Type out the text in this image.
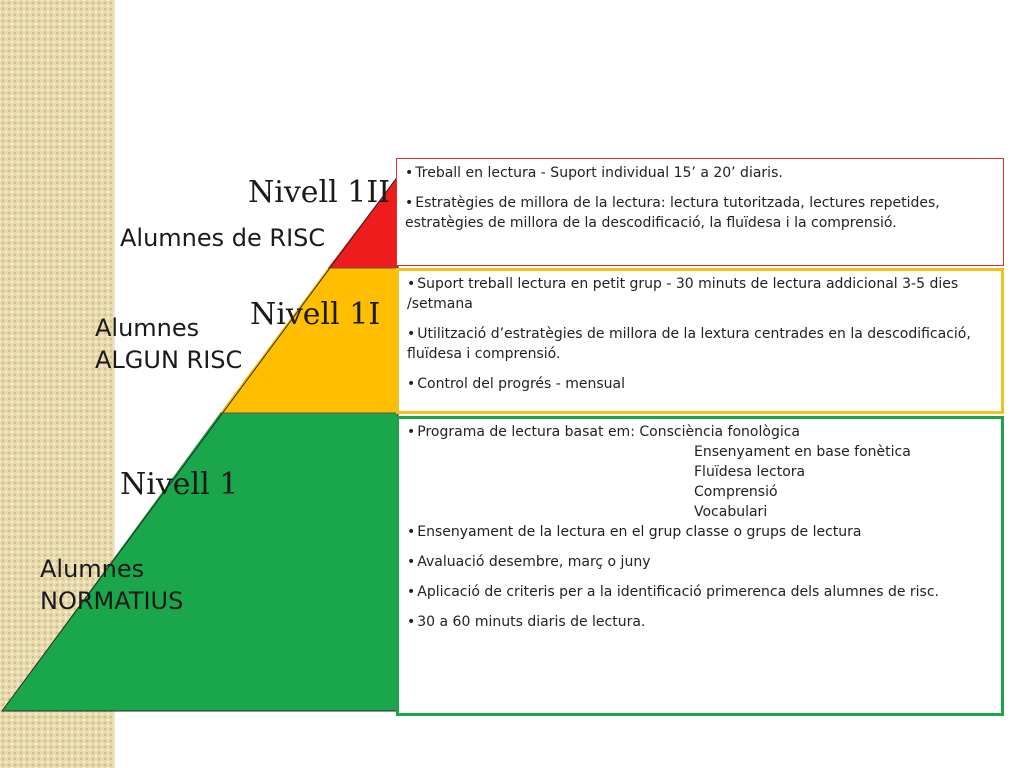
Nivell 1II
Alumnes de RISC
Nivell 1I
Alumnes
ALGUN RISC
Nivell 1
Alumnes
NORMATIUS

• Treball en lectura - Suport individual 15’ a 20’ diaris.

• Estratègies de millora de la lectura: lectura tutoritzada, lectures repetides, estratègies de millora de la descodificació, la fluïdesa i la comprensió.

• Suport treball lectura en petit grup - 30 minuts de lectura addicional 3-5 dies /setmana

• Utilització d’estratègies de millora de la lextura centrades en la descodificació, fluïdesa i comprensió.

• Control del progrés - mensual

• Programa de lectura basat em: Consciència fonològica
Ensenyament en base fonètica
Fluïdesa lectora
Comprensió
Vocabulari

• Ensenyament de la lectura en el grup classe o grups de lectura

• Avaluació desembre, març o juny

• Aplicació de criteris per a la identificació primerenca dels alumnes de risc.

• 30 a 60 minuts diaris de lectura.
